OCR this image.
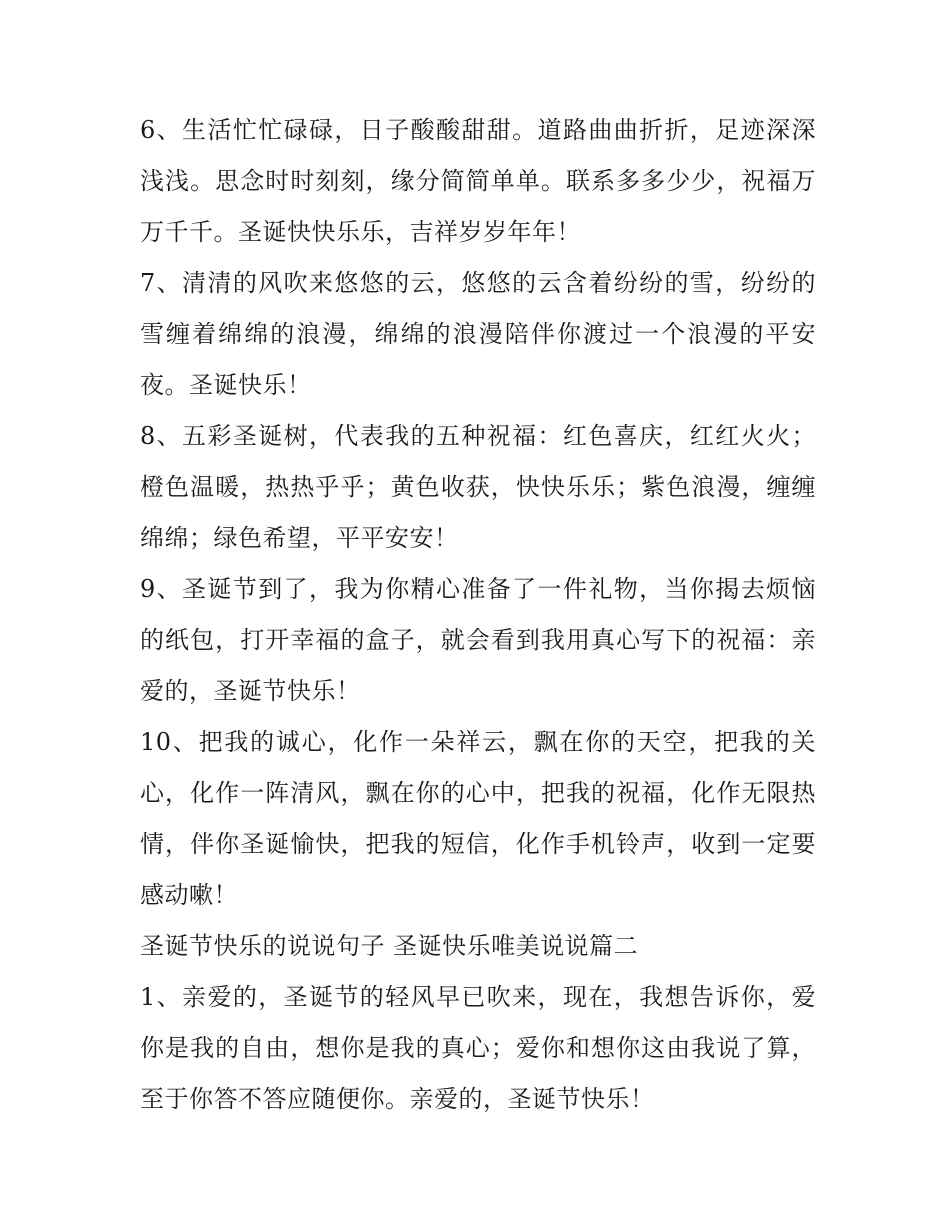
6、生活忙忙碌碌，日子酸酸甜甜。道路曲曲折折，足迹深深浅浅。思念时时刻刻，缘分简简单单。联系多多少少，祝福万万千千。圣诞快快乐乐，吉祥岁岁年年！

7、清清的风吹来悠悠的云，悠悠的云含着纷纷的雪，纷纷的雪缠着绵绵的浪漫，绵绵的浪漫陪伴你渡过一个浪漫的平安夜。圣诞快乐！

8、五彩圣诞树，代表我的五种祝福：红色喜庆，红红火火；橙色温暖，热热乎乎；黄色收获，快快乐乐；紫色浪漫，缠缠绵绵；绿色希望，平平安安！

9、圣诞节到了，我为你精心准备了一件礼物，当你揭去烦恼的纸包，打开幸福的盒子，就会看到我用真心写下的祝福：亲爱的，圣诞节快乐！

10、把我的诚心，化作一朵祥云，飘在你的天空，把我的关心，化作一阵清风，飘在你的心中，把我的祝福，化作无限热情，伴你圣诞愉快，把我的短信，化作手机铃声，收到一定要感动嗽！

圣诞节快乐的说说句子 圣诞快乐唯美说说篇二

1、亲爱的，圣诞节的轻风早已吹来，现在，我想告诉你，爱你是我的自由，想你是我的真心；爱你和想你这由我说了算，至于你答不答应随便你。亲爱的，圣诞节快乐！
